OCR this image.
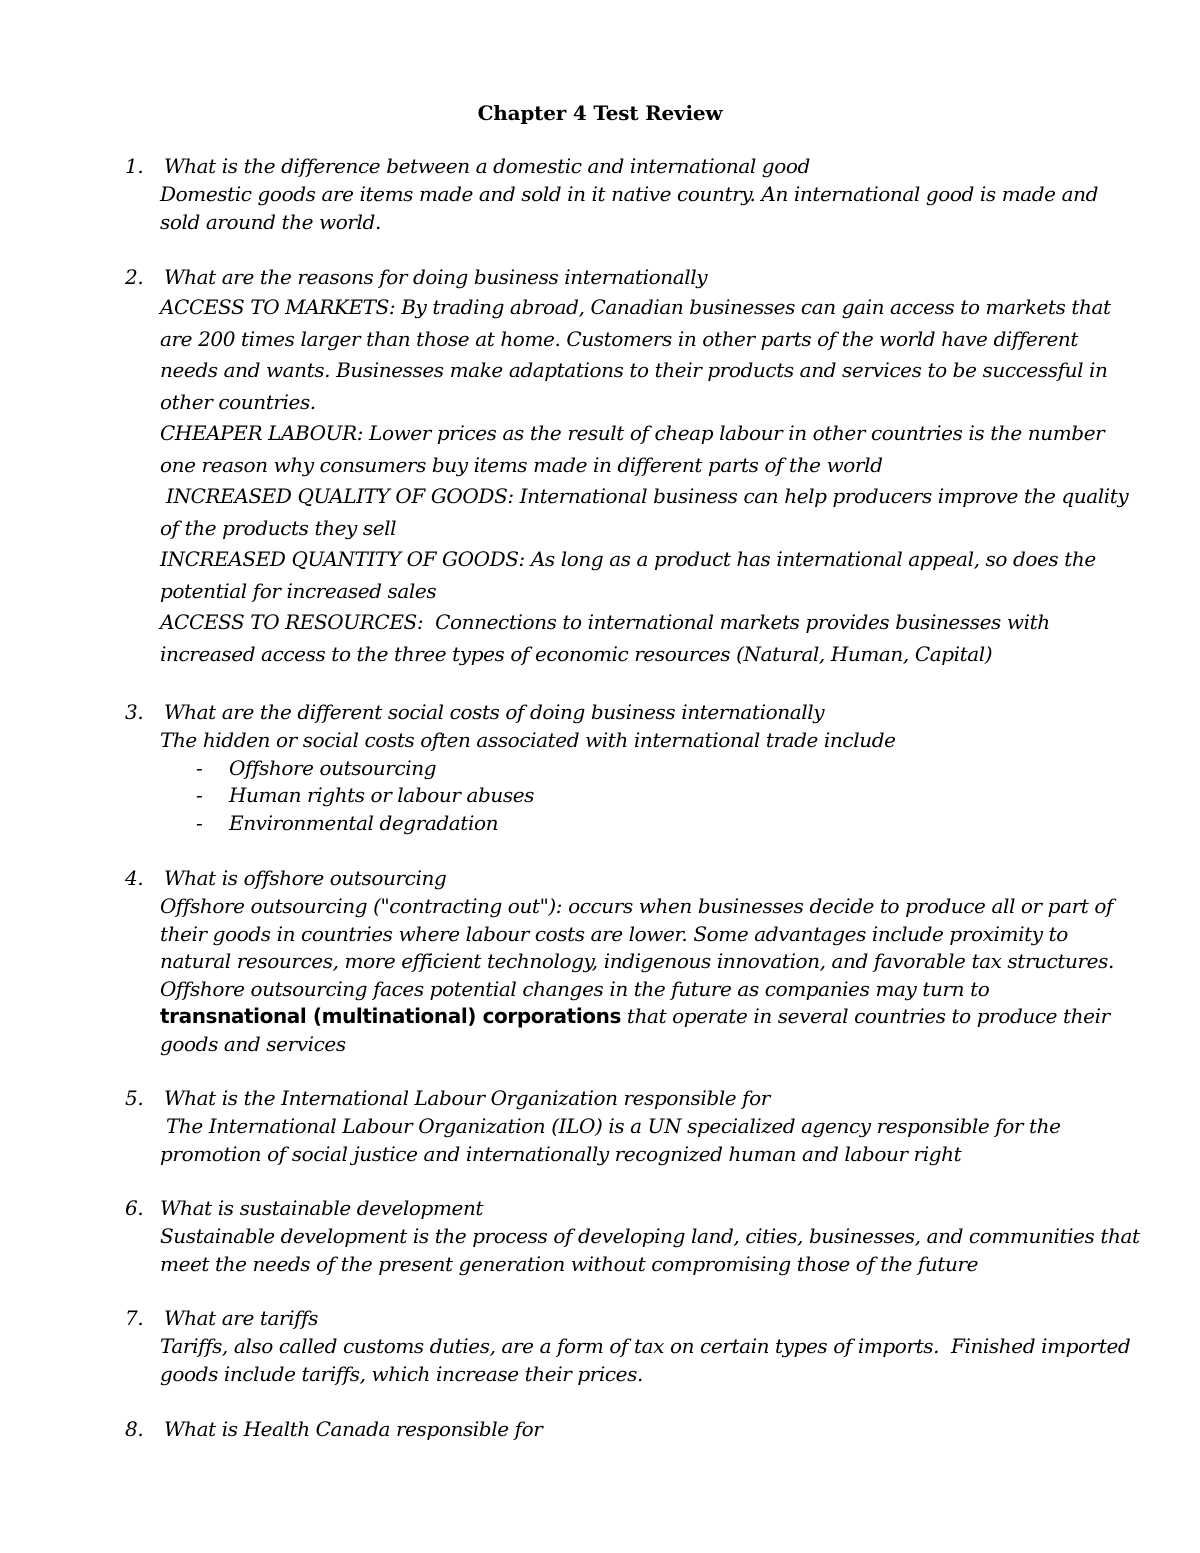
Chapter 4 Test Review
1. What is the difference between a domestic and international good

Domestic goods are items made and sold in it native country. An international good is made and sold around the world.

2. What are the reasons for doing business internationally

ACCESS TO MARKETS: By trading abroad, Canadian businesses can gain access to markets that are 200 times larger than those at home. Customers in other parts of the world have different needs and wants. Businesses make adaptations to their products and services to be successful in other countries.

CHEAPER LABOUR: Lower prices as the result of cheap labour in other countries is the number one reason why consumers buy items made in different parts of the world

INCREASED QUALITY OF GOODS: International business can help producers improve the quality of the products they sell

INCREASED QUANTITY OF GOODS: As long as a product has international appeal, so does the potential for increased sales

ACCESS TO RESOURCES:  Connections to international markets provides businesses with increased access to the three types of economic resources (Natural, Human, Capital)

3. What are the different social costs of doing business internationally

The hidden or social costs often associated with international trade include

- Offshore outsourcing
- Human rights or labour abuses
- Environmental degradation
4. What is offshore outsourcing

Offshore outsourcing ("contracting out"): occurs when businesses decide to produce all or part of their goods in countries where labour costs are lower. Some advantages include proximity to natural resources, more efficient technology, indigenous innovation, and favorable tax structures. Offshore outsourcing faces potential changes in the future as companies may turn to transnational (multinational) corporations that operate in several countries to produce their goods and services

5. What is the International Labour Organization responsible for

The International Labour Organization (ILO) is a UN specialized agency responsible for the promotion of social justice and internationally recognized human and labour right

6. What is sustainable development

Sustainable development is the process of developing land, cities, businesses, and communities that meet the needs of the present generation without compromising those of the future

7. What are tariffs

Tariffs, also called customs duties, are a form of tax on certain types of imports.  Finished imported goods include tariffs, which increase their prices.

8. What is Health Canada responsible for
